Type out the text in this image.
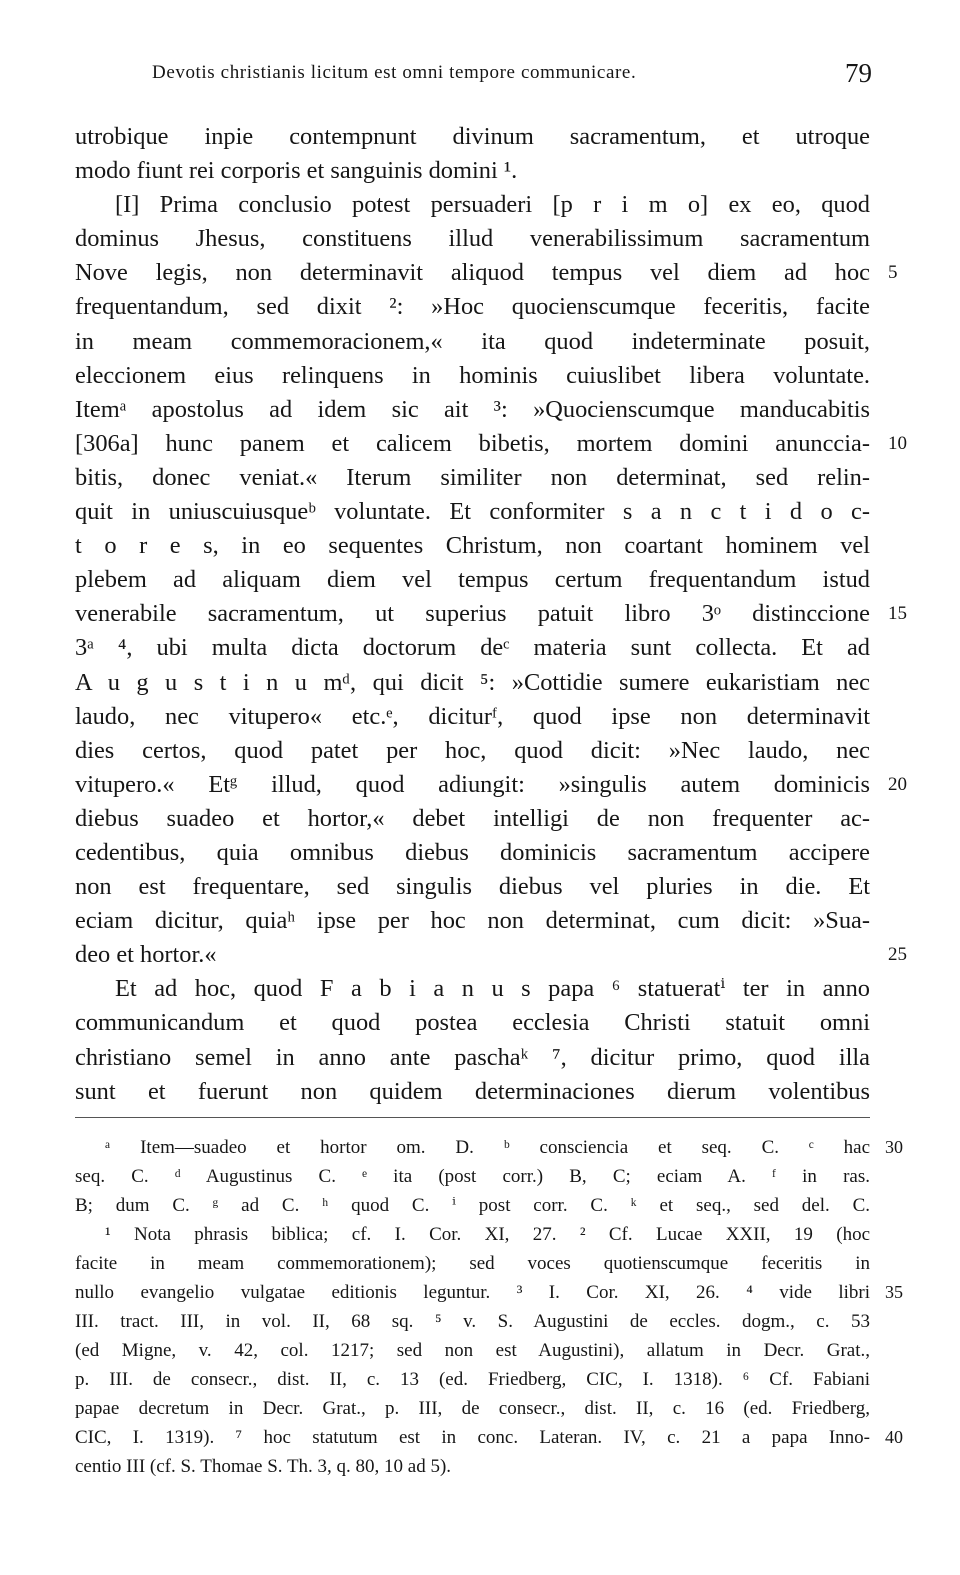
Devotis christianis licitum est omni tempore communicare.	79
utrobique inpie contempnunt divinum sacramentum, et utroque
modo fiunt rei corporis et sanguinis domini ¹.
[I] Prima conclusio potest persuaderi [p r i m o] ex eo, quod
dominus Jhesus, constituens illud venerabilissimum sacramentum
Nove legis, non determinavit aliquod tempus vel diem ad hoc 5
frequentandum, sed dixit ²: »Hoc quocienscumque feceritis, facite
in meam commemoracionem,« ita quod indeterminate posuit,
eleccionem eius relinquens in hominis cuiuslibet libera voluntate.
Itemᵃ apostolus ad idem sic ait ³: »Quocienscumque manducabitis
[306a] hunc panem et calicem bibetis, mortem domini anunccia- 10
bitis, donec veniat.« Iterum similiter non determinat, sed relin-
quit in uniuscuiusqueᵇ voluntate. Et conformiter s a n c t i d o c-
t o r e s, in eo sequentes Christum, non coartant hominem vel
plebem ad aliquam diem vel tempus certum frequentandum istud
venerabile sacramentum, ut superius patuit libro 3ᵒ distinccione 15
3ᵃ ⁴, ubi multa dicta doctorum deᶜ materia sunt collecta. Et ad
A u g u s t i n u mᵈ, qui dicit ⁵: »Cottidie sumere eukaristiam nec
laudo, nec vitupero« etc.ᵉ, diciturᶠ, quod ipse non determinavit
dies certos, quod patet per hoc, quod dicit: »Nec laudo, nec
vitupero.« Etᵍ illud, quod adiungit: »singulis autem dominicis 20
diebus suadeo et hortor,« debet intelligi de non frequenter ac-
cedentibus, quia omnibus diebus dominicis sacramentum accipere
non est frequentare, sed singulis diebus vel pluries in die. Et
eciam dicitur, quiaʰ ipse per hoc non determinat, cum dicit: »Sua-
deo et hortor.«	25
Et ad hoc, quod F a b i a n u s papa ⁶ statueratⁱ ter in anno
communicandum et quod postea ecclesia Christi statuit omni
christiano semel in anno ante paschaᵏ ⁷, dicitur primo, quod illa
sunt et fuerunt non quidem determinaciones dierum volentibus
ᵃ Item—suadeo et hortor om. D. ᵇ consciencia et seq. C. ᶜ hac 30
seq. C. ᵈ Augustinus C. ᵉ ita (post corr.) B, C; eciam A. ᶠ in ras.
B; dum C. ᵍ ad C. ʰ quod C. ⁱ post corr. C. ᵏ et seq., sed del. C.
¹ Nota phrasis biblica; cf. I. Cor. XI, 27. ² Cf. Lucae XXII, 19 (hoc
facite in meam commemorationem); sed voces quotienscumque feceritis in
nullo evangelio vulgatae editionis leguntur. ³ I. Cor. XI, 26. ⁴ vide libri 35
III. tract. III, in vol. II, 68 sq. ⁵ v. S. Augustini de eccles. dogm., c. 53
(ed Migne, v. 42, col. 1217; sed non est Augustini), allatum in Decr. Grat.,
p. III. de consecr., dist. II, c. 13 (ed. Friedberg, CIC, I. 1318). ⁶ Cf. Fabiani
papae decretum in Decr. Grat., p. III, de consecr., dist. II, c. 16 (ed. Friedberg,
CIC, I. 1319). ⁷ hoc statutum est in conc. Lateran. IV, c. 21 a papa Inno- 40
centio III (cf. S. Thomae S. Th. 3, q. 80, 10 ad 5).
